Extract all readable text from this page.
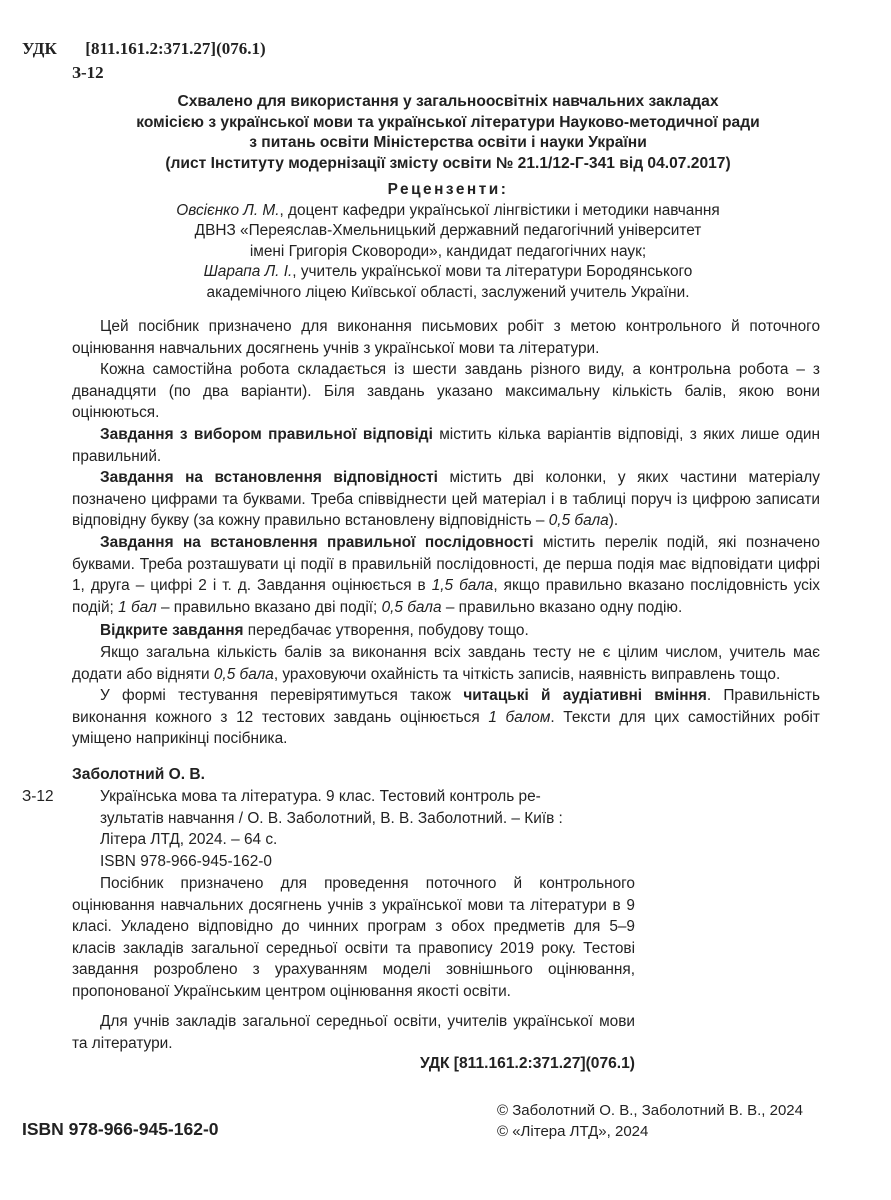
УДК [811.161.2:371.27](076.1)
З-12
Схвалено для використання у загальноосвітніх навчальних закладах
комісією з української мови та української літератури Науково-методичної ради
з питань освіти Міністерства освіти і науки України
(лист Інституту модернізації змісту освіти № 21.1/12-Г-341 від 04.07.2017)
Рецензенти:
Овсієнко Л. М., доцент кафедри української лінгвістики і методики навчання
ДВНЗ «Переяслав-Хмельницький державний педагогічний університет
імені Григорія Сковороди», кандидат педагогічних наук;
Шарапа Л. І., учитель української мови та літератури Бородянського
академічного ліцею Київської області, заслужений учитель України.

Цей посібник призначено для виконання письмових робіт з метою контрольного й поточного оцінювання навчальних досягнень учнів з української мови та літератури.

Кожна самостійна робота складається із шести завдань різного виду, а контрольна робота – з дванадцяти (по два варіанти). Біля завдань указано максимальну кількість балів, якою вони оцінюються.

Завдання з вибором правильної відповіді містить кілька варіантів відповіді, з яких лише один правильний.

Завдання на встановлення відповідності містить дві колонки, у яких частини матеріалу позначено цифрами та буквами. Треба співвіднести цей матеріал і в таблиці поруч із цифрою записати відповідну букву (за кожну правильно встановлену відповідність – 0,5 бала).

Завдання на встановлення правильної послідовності містить перелік подій, які позначено буквами. Треба розташувати ці події в правильній послідовності, де перша подія має відповідати цифрі 1, друга – цифрі 2 і т. д. Завдання оцінюється в 1,5 бала, якщо правильно вказано послідовність усіх подій; 1 бал – правильно вказано дві події; 0,5 бала – правильно вказано одну подію.

Відкрите завдання передбачає утворення, побудову тощо.

Якщо загальна кількість балів за виконання всіх завдань тесту не є цілим числом, учитель має додати або відняти 0,5 бала, ураховуючи охайність та чіткість записів, наявність виправлень тощо.

У формі тестування перевірятимуться також читацькі й аудіативні вміння. Правильність виконання кожного з 12 тестових завдань оцінюється 1 балом. Тексти для цих самостійних робіт уміщено наприкінці посібника.

Заболотний О. В.
З-12	Українська мова та література. 9 клас. Тестовий контроль ре-
зультатів навчання / О. В. Заболотний, В. В. Заболотний. – Київ :
Літера ЛТД, 2024. – 64 с.
ISBN 978-966-945-162-0

Посібник призначено для проведення поточного й контрольного оцінювання навчальних досягнень учнів з української мови та літератури в 9 класі. Укладено відповідно до чинних програм з обох предметів для 5–9 класів закладів загальної середньої освіти та правопису 2019 року. Тестові завдання розроблено з урахуванням моделі зовнішнього оцінювання, пропонованої Українським центром оцінювання якості освіти.

Для учнів закладів загальної середньої освіти, учителів української мови та літератури.

УДК [811.161.2:371.27](076.1)
ISBN 978-966-945-162-0
© Заболотний О. В., Заболотний В. В., 2024
© «Літера ЛТД», 2024
